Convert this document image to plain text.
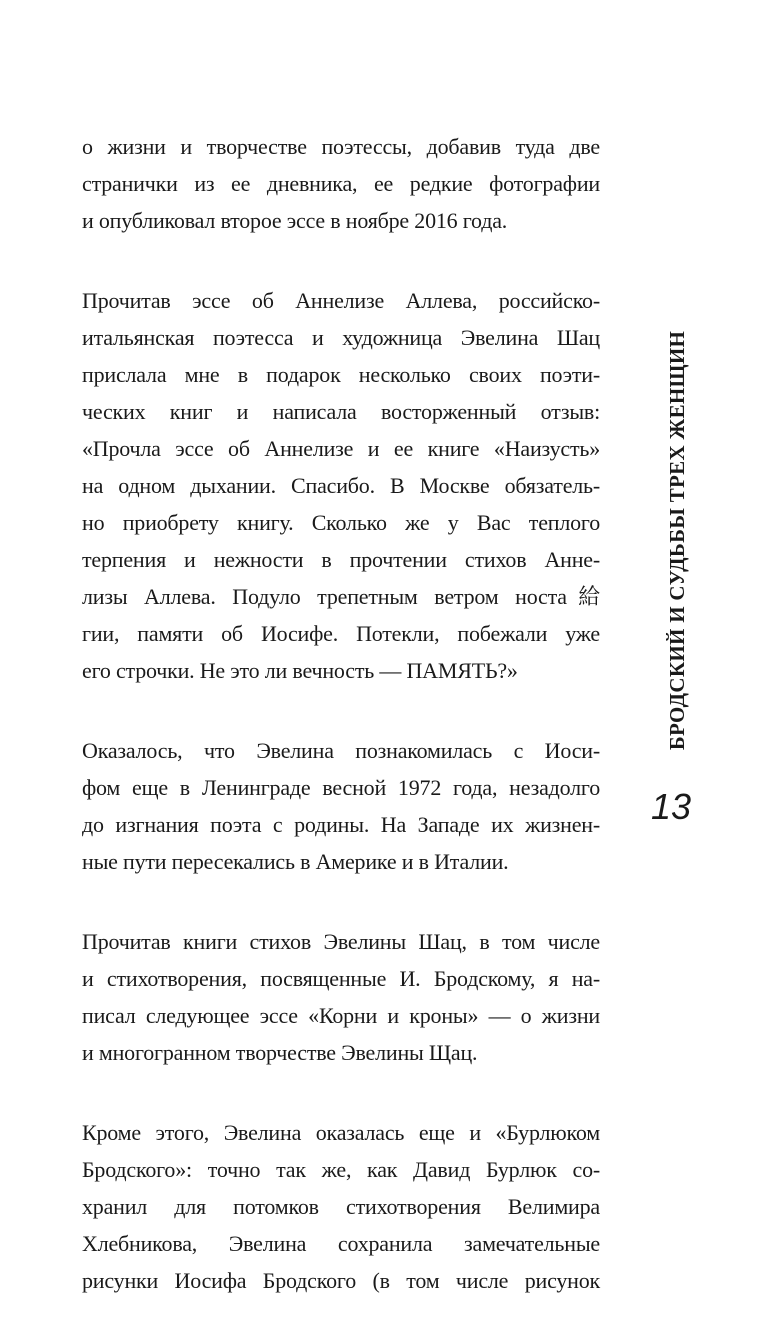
о жизни и творчестве поэтессы, добавив туда две
странички из ее дневника, ее редкие фотографии
и опубликовал второе эссе в ноябре 2016 года.
Прочитав эссе об Аннелизе Аллева, российско-
итальянская поэтесса и художница Эвелина Шац
прислала мне в подарок несколько своих поэти-
ческих книг и написала восторженный отзыв:
«Прочла эссе об Аннелизе и ее книге «Наизусть»
на одном дыхании. Спасибо. В Москве обязатель-
но приобрету книгу. Сколько же у Вас теплого
терпения и нежности в прочтении стихов Анне-
лизы Аллева. Подуло трепетным ветром носта給
гии, памяти об Иосифе. Потекли, побежали уже
его строчки. Не это ли вечность — ПАМЯТЬ?»
Оказалось, что Эвелина познакомилась с Иоси-
фом еще в Ленинграде весной 1972 года, незадолго
до изгнания поэта с родины. На Западе их жизнен-
ные пути пересекались в Америке и в Италии.
Прочитав книги стихов Эвелины Шац, в том числе
и стихотворения, посвященные И. Бродскому, я на-
писал следующее эссе «Корни и кроны» — о жизни
и многогранном творчестве Эвелины Щац.
Кроме этого, Эвелина оказалась еще и «Бурлюком
Бродского»: точно так же, как Давид Бурлюк со-
хранил для потомков стихотворения Велимира
Хлебникова, Эвелина сохранила замечательные
рисунки Иосифа Бродского (в том числе рисунок
БРОДСКИЙ И СУДЬБЫ ТРЕХ ЖЕНЩИН
13
